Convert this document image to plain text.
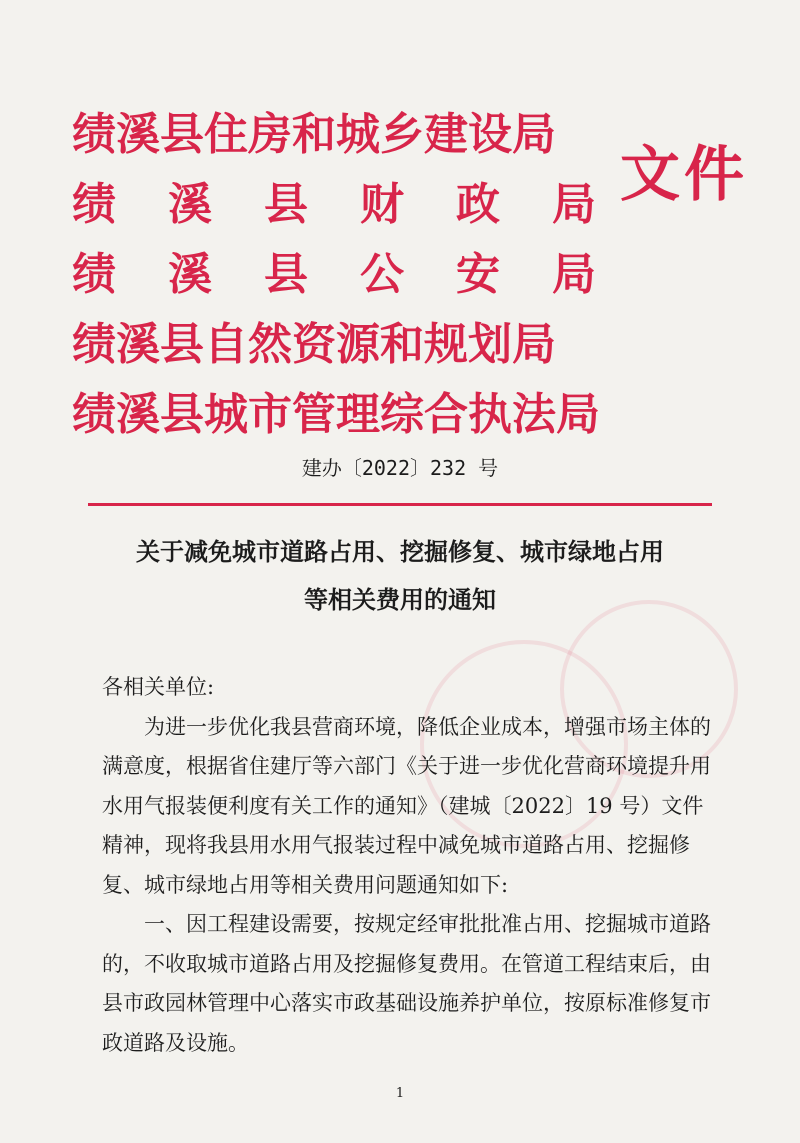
绩溪县住房和城乡建设局
绩溪县财政局
绩溪县公安局
绩溪县自然资源和规划局
绩溪县城市管理综合执法局
文件
建办〔2022〕232 号
关于减免城市道路占用、挖掘修复、城市绿地占用
等相关费用的通知

各相关单位:

为进一步优化我县营商环境，降低企业成本，增强市场主体的满意度，根据省住建厅等六部门《关于进一步优化营商环境提升用水用气报装便利度有关工作的通知》（建城〔2022〕19 号）文件精神，现将我县用水用气报装过程中减免城市道路占用、挖掘修复、城市绿地占用等相关费用问题通知如下:

一、因工程建设需要，按规定经审批批准占用、挖掘城市道路的，不收取城市道路占用及挖掘修复费用。在管道工程结束后，由县市政园林管理中心落实市政基础设施养护单位，按原标准修复市政道路及设施。

1
